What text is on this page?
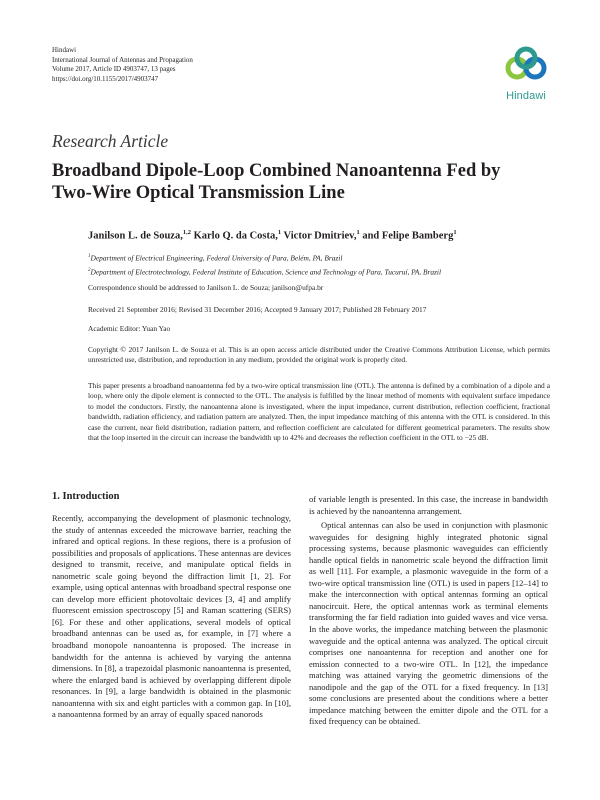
Hindawi
International Journal of Antennas and Propagation
Volume 2017, Article ID 4903747, 13 pages
https://doi.org/10.1155/2017/4903747
Hindawi
Research Article
Broadband Dipole-Loop Combined Nanoantenna Fed by
Two-Wire Optical Transmission Line
Janilson L. de Souza,$^{1,2}$ Karlo Q. da Costa,$^1$ Victor Dmitriev,$^1$ and Felipe Bamberg$^1$
$^1$Department of Electrical Engineering, Federal University of Para, Belém, PA, Brazil
$^2$Department of Electrotechnology, Federal Institute of Education, Science and Technology of Para, Tucuruí, PA, Brazil
Correspondence should be addressed to Janilson L. de Souza; janilson@ufpa.br
Received 21 September 2016; Revised 31 December 2016; Accepted 9 January 2017; Published 28 February 2017
Academic Editor: Yuan Yao
Copyright © 2017 Janilson L. de Souza et al. This is an open access article distributed under the Creative Commons Attribution License, which permits unrestricted use, distribution, and reproduction in any medium, provided the original work is properly cited.
This paper presents a broadband nanoantenna fed by a two-wire optical transmission line (OTL). The antenna is defined by a combination of a dipole and a loop, where only the dipole element is connected to the OTL. The analysis is fulfilled by the linear method of moments with equivalent surface impedance to model the conductors. Firstly, the nanoantenna alone is investigated, where the input impedance, current distribution, reflection coefficient, fractional bandwidth, radiation efficiency, and radiation pattern are analyzed. Then, the input impedance matching of this antenna with the OTL is considered. In this case the current, near field distribution, radiation pattern, and reflection coefficient are calculated for different geometrical parameters. The results show that the loop inserted in the circuit can increase the bandwidth up to 42% and decreases the reflection coefficient in the OTL to −25 dB.
1. Introduction

Recently, accompanying the development of plasmonic technology, the study of antennas exceeded the microwave barrier, reaching the infrared and optical regions. In these regions, there is a profusion of possibilities and proposals of applications. These antennas are devices designed to transmit, receive, and manipulate optical fields in nanometric scale going beyond the diffraction limit [1, 2]. For example, using optical antennas with broadband spectral response one can develop more efficient photovoltaic devices [3, 4] and amplify fluorescent emission spectroscopy [5] and Raman scattering (SERS) [6]. For these and other applications, several models of optical broadband antennas can be used as, for example, in [7] where a broadband monopole nanoantenna is proposed. The increase in bandwidth for the antenna is achieved by varying the antenna dimensions. In [8], a trapezoidal plasmonic nanoantenna is presented, where the enlarged band is achieved by overlapping different dipole resonances. In [9], a large bandwidth is obtained in the plasmonic nanoantenna with six and eight particles with a common gap. In [10], a nanoantenna formed by an array of equally spaced nanorods

of variable length is presented. In this case, the increase in bandwidth is achieved by the nanoantenna arrangement.

Optical antennas can also be used in conjunction with plasmonic waveguides for designing highly integrated photonic signal processing systems, because plasmonic waveguides can efficiently handle optical fields in nanometric scale beyond the diffraction limit as well [11]. For example, a plasmonic waveguide in the form of a two-wire optical transmission line (OTL) is used in papers [12–14] to make the interconnection with optical antennas forming an optical nanocircuit. Here, the optical antennas work as terminal elements transforming the far field radiation into guided waves and vice versa. In the above works, the impedance matching between the plasmonic waveguide and the optical antenna was analyzed. The optical circuit comprises one nanoantenna for reception and another one for emission connected to a two-wire OTL. In [12], the impedance matching was attained varying the geometric dimensions of the nanodipole and the gap of the OTL for a fixed frequency. In [13] some conclusions are presented about the conditions where a better impedance matching between the emitter dipole and the OTL for a fixed frequency can be obtained.
